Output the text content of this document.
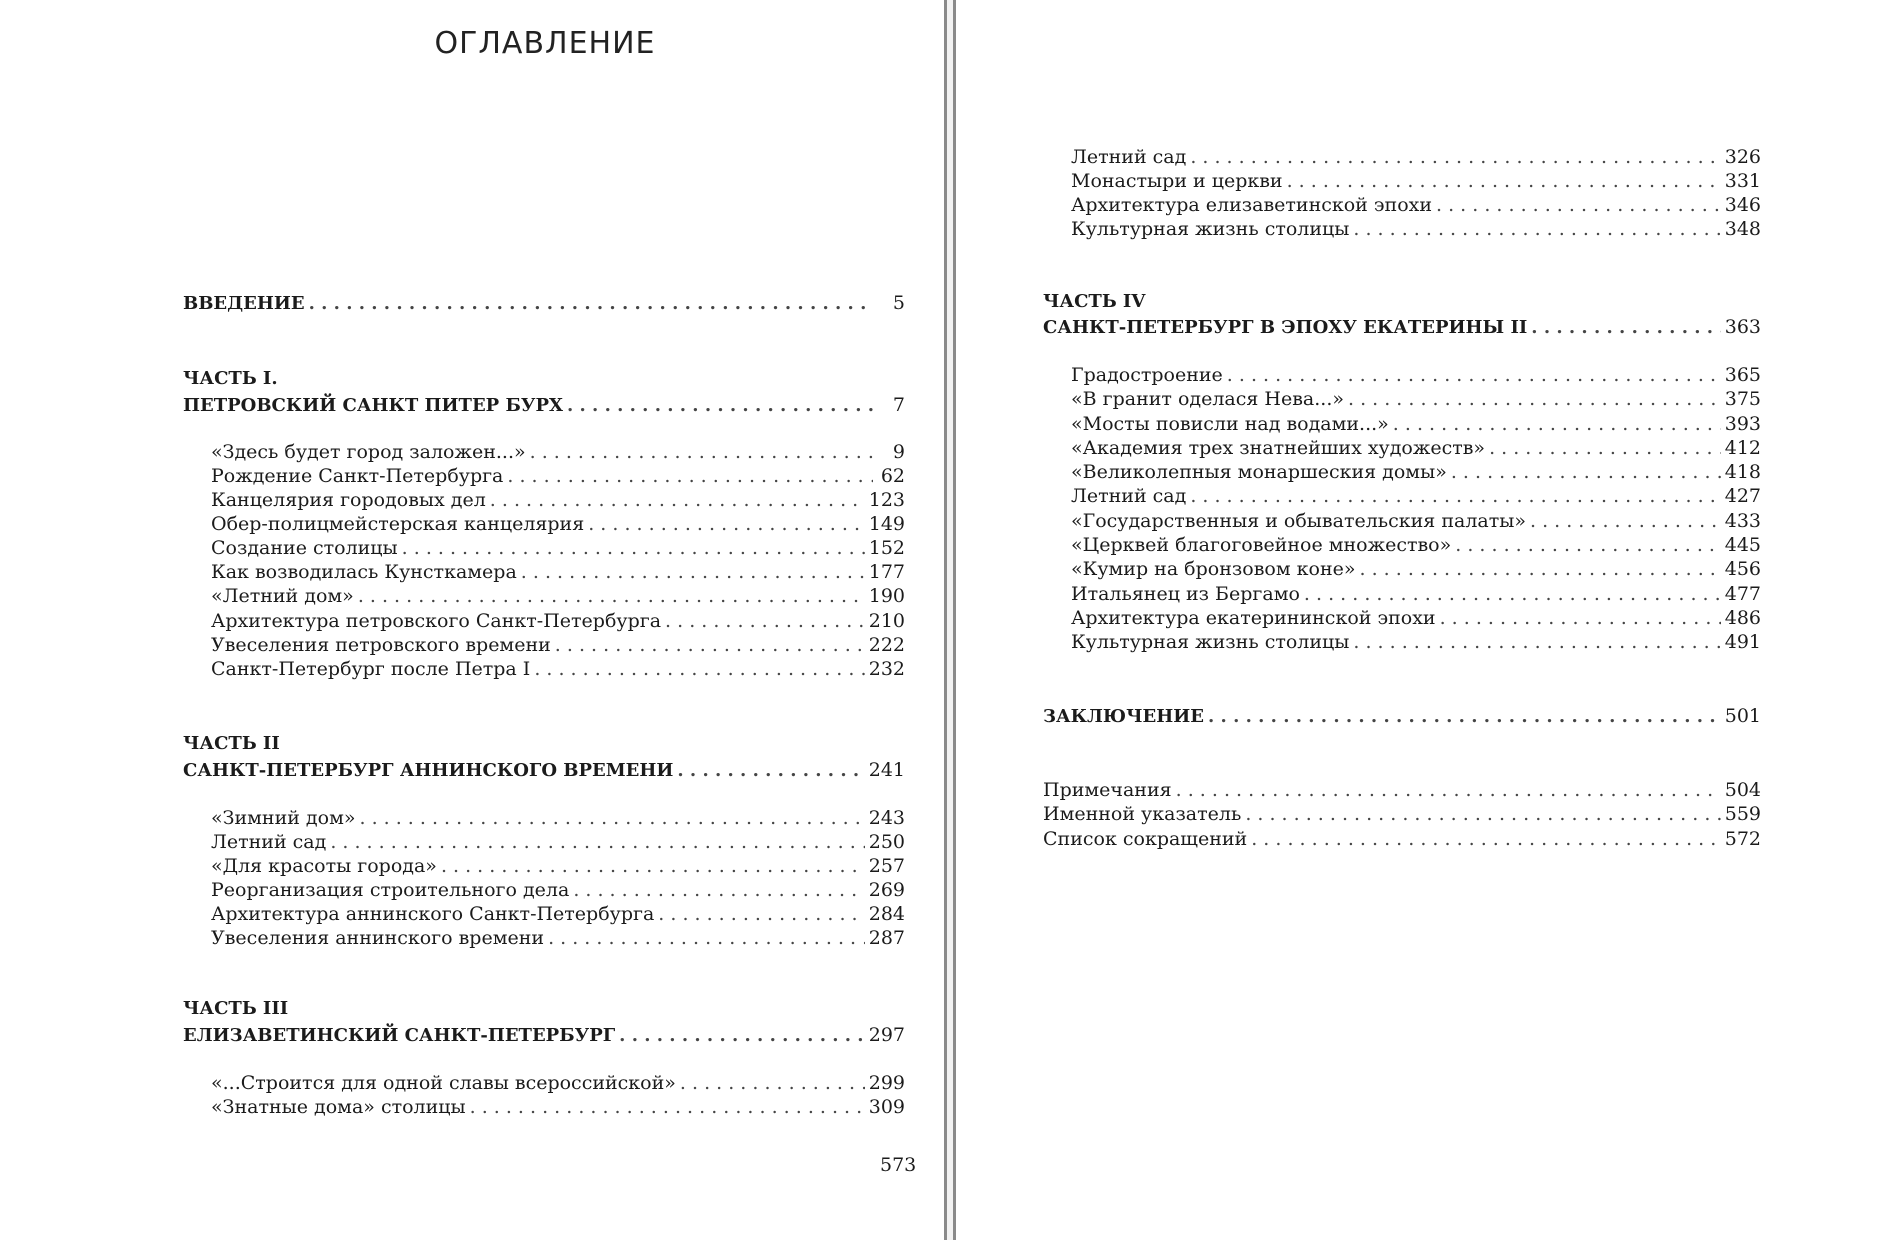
ОГЛАВЛЕНИЕ
ВВЕДЕНИЕ . . .	5
ЧАСТЬ I.
ПЕТРОВСКИЙ САНКТ ПИТЕР БУРХ . . .	7
«Здесь будет город заложен...» . . .	9
Рождение Санкт-Петербурга . . .	62
Канцелярия городовых дел . . .	123
Обер-полицмейстерская канцелярия . . .	149
Создание столицы . . .	152
Как возводилась Кунсткамера . . .	177
«Летний дом» . . .	190
Архитектура петровского Санкт-Петербурга . . .	210
Увеселения петровского времени . . .	222
Санкт-Петербург после Петра I . . .	232
ЧАСТЬ II
САНКТ-ПЕТЕРБУРГ АННИНСКОГО ВРЕМЕНИ . . .	241
«Зимний дом» . . .	243
Летний сад . . .	250
«Для красоты города» . . .	257
Реорганизация строительного дела . . .	269
Архитектура аннинского Санкт-Петербурга . . .	284
Увеселения аннинского времени . . .	287
ЧАСТЬ III
ЕЛИЗАВЕТИНСКИЙ САНКТ-ПЕТЕРБУРГ . . .	297
«...Строится для одной славы всероссийской» . . .	299
«Знатные дома» столицы . . .	309
573
Летний сад . . .	326
Монастыри и церкви . . .	331
Архитектура елизаветинской эпохи . . .	346
Культурная жизнь столицы . . .	348
ЧАСТЬ IV
САНКТ-ПЕТЕРБУРГ В ЭПОХУ ЕКАТЕРИНЫ II . . .	363
Градостроение . . .	365
«В гранит оделася Нева...» . . .	375
«Мосты повисли над водами...» . . .	393
«Академия трех знатнейших художеств» . . .	412
«Великолепныя монаршеския домы» . . .	418
Летний сад . . .	427
«Государственныя и обывательския палаты» . . .	433
«Церквей благоговейное множество» . . .	445
«Кумир на бронзовом коне» . . .	456
Итальянец из Бергамо . . .	477
Архитектура екатерининской эпохи . . .	486
Культурная жизнь столицы . . .	491
ЗАКЛЮЧЕНИЕ . . .	501
Примечания . . .	504
Именной указатель . . .	559
Список сокращений . . .	572
